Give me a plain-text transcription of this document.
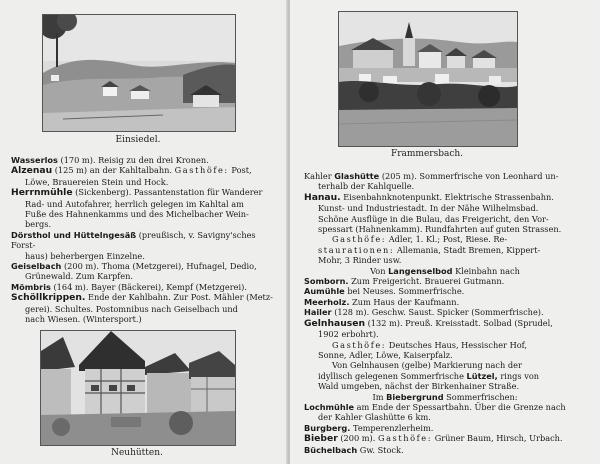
Einsiedel.

Wasserlos (170 m). Reisig zu den drei Kronen.

Alzenau (125 m) an der Kahltalbahn. Gasthöfe: Post,

Löwe, Brauereien Stein und Hock.

Herrnmühle (Sickenberg). Passantenstation für Wanderer

Rad- und Autofahrer, herrlich gelegen im Kahltal am

Fuße des Hahnenkamms und des Michelbacher Wein-

bergs.

Dörsthol und Hüttelngesäß (preußisch, v. Savigny'sches Forst-

haus) beherbergen Einzelne.

Geiselbach (200 m). Thoma (Metzgerei), Hufnagel, Dedio,

Grünewald. Zum Karpfen.

Mömbris (164 m). Bayer (Bäckerei), Kempf (Metzgerei).

Schöllkrippen. Ende der Kahlbahn. Zur Post. Mähler (Metz-

gerei). Schultes. Postomnibus nach Geiselbach und

nach Wiesen. (Wintersport.)

Neuhütten.
Frammersbach.

Kahler Glashütte (205 m). Sommerfrische von Leonhard un-

terhalb der Kahlquelle.

Hanau. Eisenbahnknotenpunkt. Elektrische Strassenbahn.

Kunst- und Industriestadt. In der Nähe Wilhelmsbad.

Schöne Ausflüge in die Bulau, das Freigericht, den Vor-

spessart (Hahnenkamm). Rundfahrten auf guten Strassen.

Gasthöfe: Adler, 1. Kl.; Post, Riese. Re-

staurationen: Allemania, Stadt Bremen, Kippert-

Mohr, 3 Rinder usw.

Von Langenselbod Kleinbahn nach

Somborn. Zum Freigericht. Brauerei Gutmann.

Aumühle bei Neuses. Sommerfrische.

Meerholz. Zum Haus der Kaufmann.

Hailer (128 m). Geschw. Saust. Spicker (Sommerfrische).

Gelnhausen (132 m). Preuß. Kreisstadt. Solbad (Sprudel,

1902 erbohrt).

Gasthöfe: Deutsches Haus, Hessischer Hof,

Sonne, Adler, Löwe, Kaiserpfalz.

Von Gelnhausen (gelbe) Markierung nach der

idyllisch gelegenen Sommerfrische Lützel, rings von

Wald umgeben, nächst der Birkenhainer Straße.

Im Biebergrund Sommerfrischen:

Lochmühle am Ende der Spessartbahn. Über die Grenze nach

der Kahler Glashütte 6 km.

Burgberg. Temperenzlerheim.

Bieber (200 m). Gasthöfe: Grüner Baum, Hirsch, Urbach.

Büchelbach Gw. Stock.
